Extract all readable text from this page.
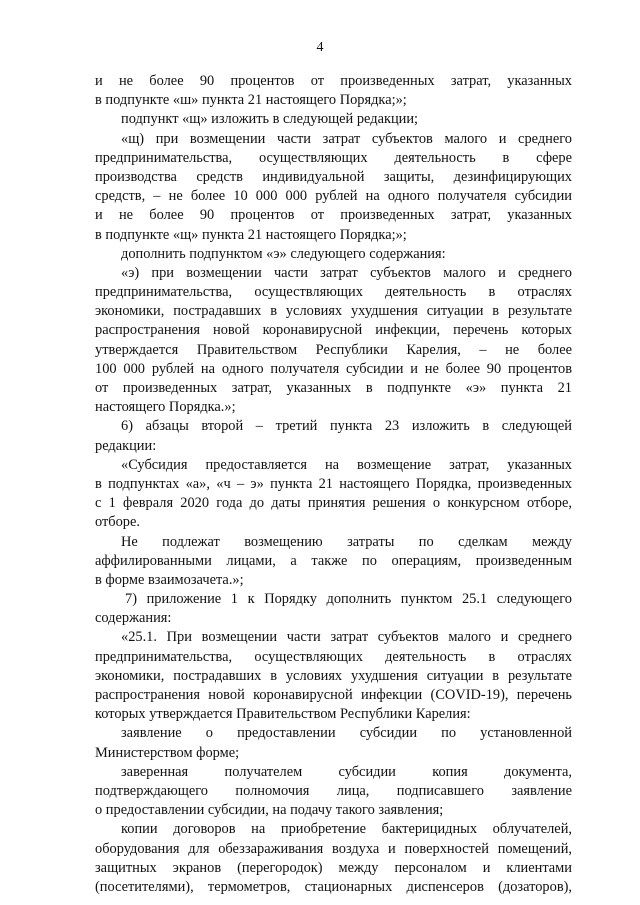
4
и не более 90 процентов от произведенных затрат, указанных
в подпункте «ш» пункта 21 настоящего Порядка;»;
подпункт «щ» изложить в следующей редакции;
«щ) при возмещении части затрат субъектов малого и среднего
предпринимательства, осуществляющих деятельность в сфере
производства средств индивидуальной защиты, дезинфицирующих
средств, – не более 10 000 000 рублей на одного получателя субсидии
и не более 90 процентов от произведенных затрат, указанных
в подпункте «щ» пункта 21 настоящего Порядка;»;
дополнить подпунктом «э» следующего содержания:
«э) при возмещении части затрат субъектов малого и среднего
предпринимательства, осуществляющих деятельность в отраслях
экономики, пострадавших в условиях ухудшения ситуации в результате
распространения новой коронавирусной инфекции, перечень которых
утверждается Правительством Республики Карелия, – не более
100 000 рублей на одного получателя субсидии и не более 90 процентов
от произведенных затрат, указанных в подпункте «э» пункта 21
настоящего Порядка.»;
6) абзацы второй – третий пункта 23 изложить в следующей
редакции:
«Субсидия предоставляется на возмещение затрат, указанных
в подпунктах «а», «ч – э» пункта 21 настоящего Порядка, произведенных
с 1 февраля 2020 года до даты принятия решения о конкурсном отборе,
отборе.
Не подлежат возмещению затраты по сделкам между
аффилированными лицами, а также по операциям, произведенным
в форме взаимозачета.»;
7) приложение 1 к Порядку дополнить пунктом 25.1 следующего
содержания:
«25.1. При возмещении части затрат субъектов малого и среднего
предпринимательства, осуществляющих деятельность в отраслях
экономики, пострадавших в условиях ухудшения ситуации в результате
распространения новой коронавирусной инфекции (COVID-19), перечень
которых утверждается Правительством Республики Карелия:
заявление о предоставлении субсидии по установленной
Министерством форме;
заверенная получателем субсидии копия документа,
подтверждающего полномочия лица, подписавшего заявление
о предоставлении субсидии, на подачу такого заявления;
копии договоров на приобретение бактерицидных облучателей,
оборудования для обеззараживания воздуха и поверхностей помещений,
защитных экранов (перегородок) между персоналом и клиентами
(посетителями), термометров, стационарных диспенсеров (дозаторов),
